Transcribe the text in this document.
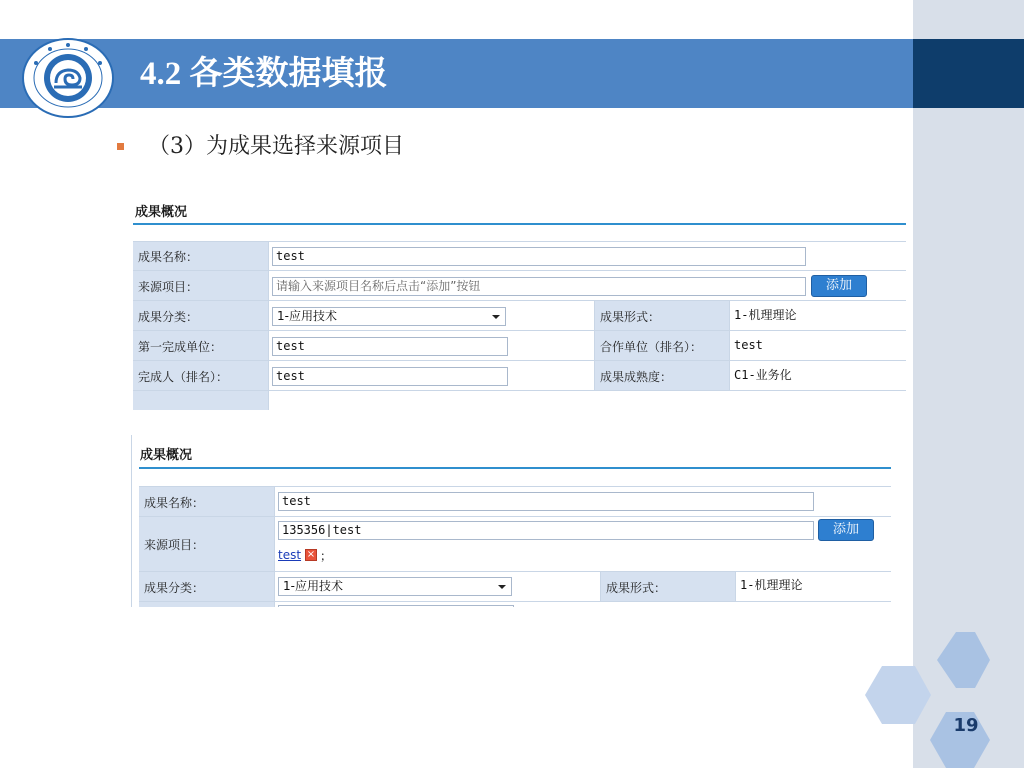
4.2 各类数据填报
（3）为成果选择来源项目
成果概况
成果名称：	test
来源项目：	请输入来源项目名称后点击“添加”按钮	添加
成果分类：	1-应用技术	成果形式：	1-机理理论
第一完成单位：	test	合作单位（排名）：	test
完成人（排名）：	test	成果成熟度：	C1-业务化
成果概况
成果名称：	test
来源项目：
135356|test	添加
test × ；
成果分类：	1-应用技术	成果形式：	1-机理理论
19
